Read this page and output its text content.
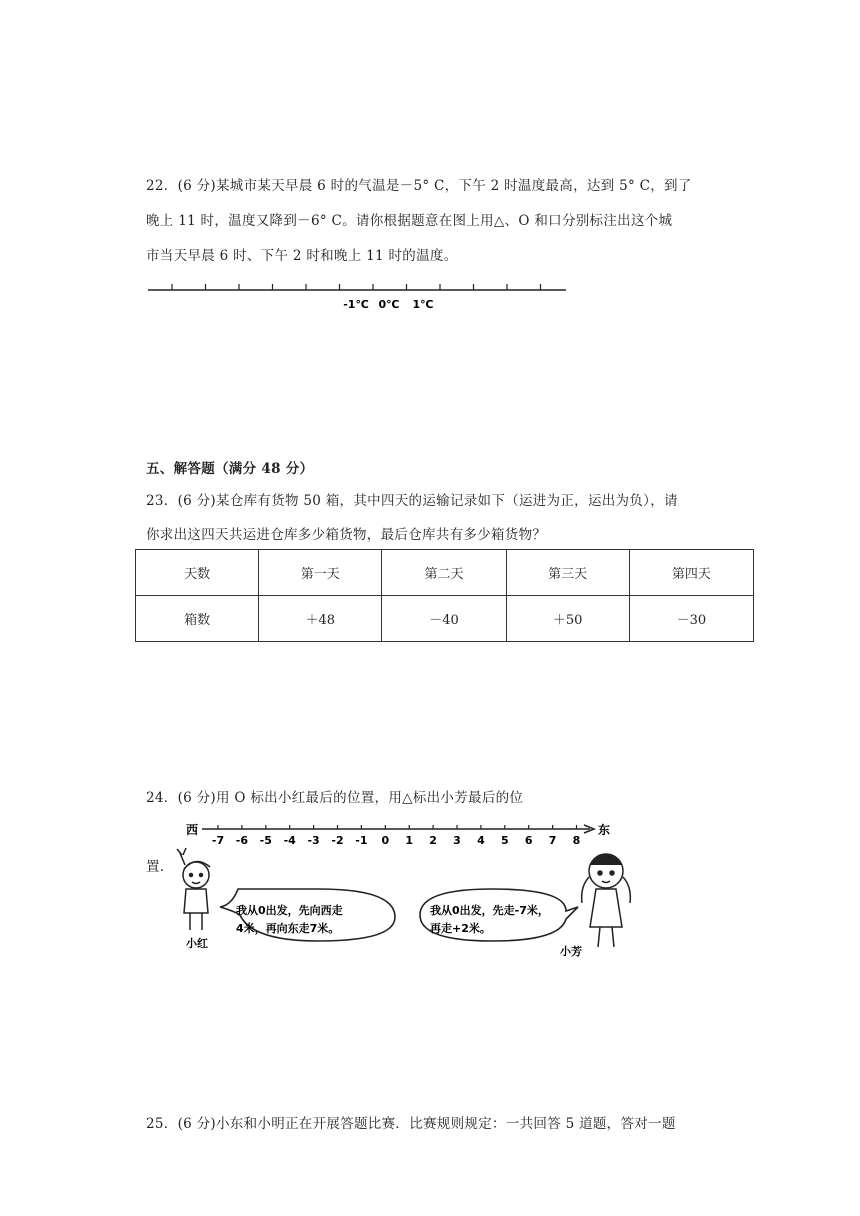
22．(6 分)某城市某天早晨 6 时的气温是－5° C，下午 2 时温度最高，达到 5° C，到了
晚上 11 时，温度又降到－6° C。请你根据题意在图上用△、O 和口分别标注出这个城
市当天早晨 6 时、下午 2 时和晚上 11 时的温度。
-1℃ 0℃ 1℃
五、解答题（满分 48 分）
23．(6 分)某仓库有货物 50 箱，其中四天的运输记录如下（运进为正，运出为负），请
你求出这四天共运进仓库多少箱货物，最后仓库共有多少箱货物？
天数	第一天	第二天	第三天	第四天
箱数	＋48	－40	＋50	－30
24．(6 分)用 O 标出小红最后的位置，用△标出小芳最后的位
置.
西	东
-7 -6 -5 -4 -3 -2 -1 0 1 2 3 4 5 6 7 8
小红
我从0出发，先向西走
4米，再向东走7米。
我从0出发，先走-7米，
再走+2米。
小芳
25．(6 分)小东和小明正在开展答题比赛．比赛规则规定：一共回答 5 道题，答对一题
